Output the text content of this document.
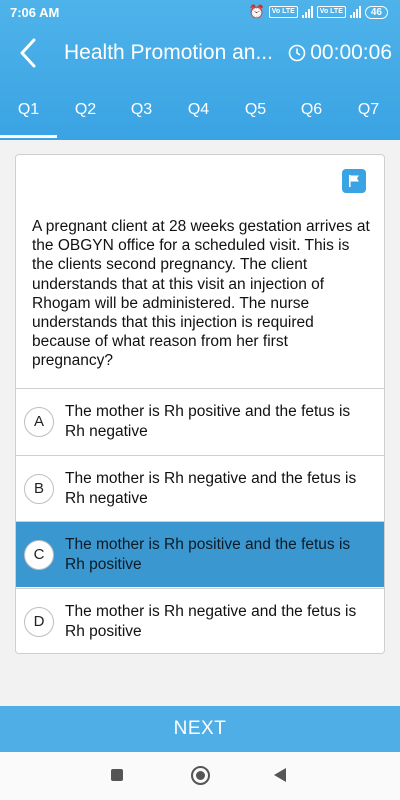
7:06 AM	⏰	Vo LTE	Vo LTE	46
Health Promotion an...	00:00:06
Q1	Q2	Q3	Q4	Q5	Q6	Q7
A pregnant client at 28 weeks gestation arrives at the OBGYN office for a scheduled visit. This is the clients second pregnancy. The client understands that at this visit an injection of Rhogam will be administered. The nurse understands that this injection is required because of what reason from her first pregnancy?
A
The mother is Rh positive and the fetus is Rh negative
B
The mother is Rh negative and the fetus is Rh negative
C
The mother is Rh positive and the fetus is Rh positive
D
The mother is Rh negative and the fetus is Rh positive
NEXT
